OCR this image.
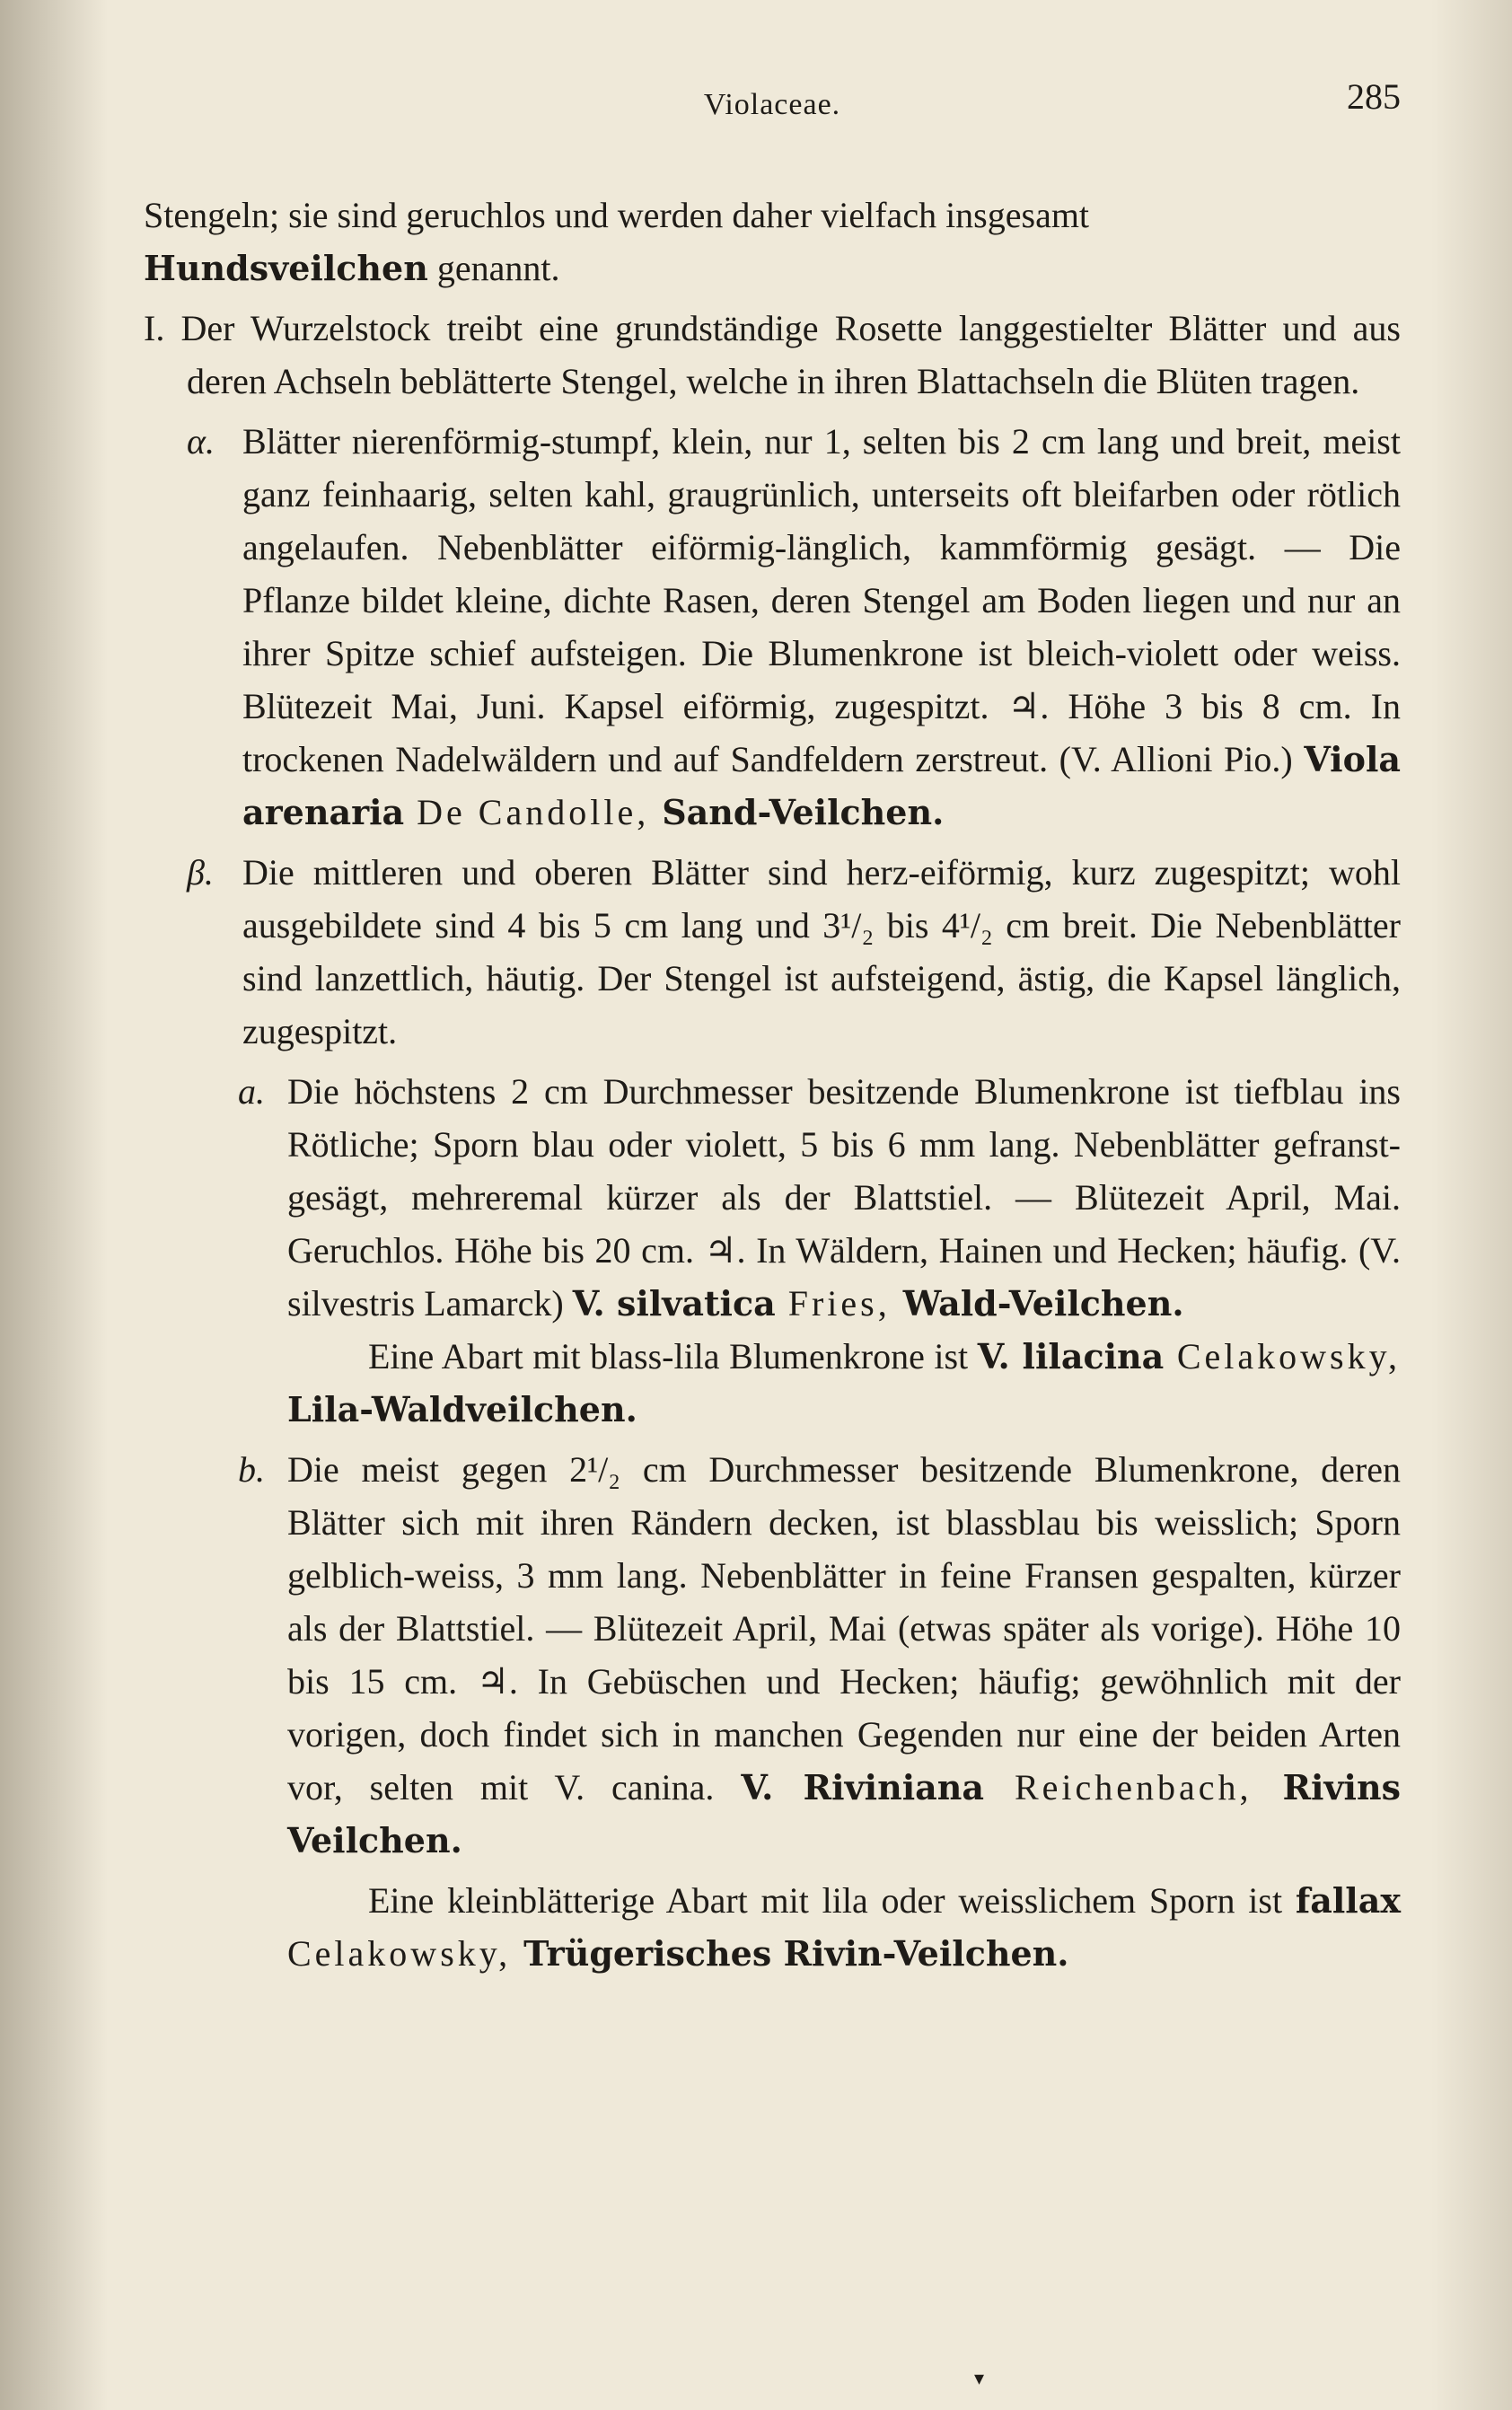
Violaceae.	285
Stengeln; sie sind geruchlos und werden daher vielfach insgesamt
Hundsveilchen genannt.
I. Der Wurzelstock treibt eine grundständige Rosette langgestielter Blätter und aus deren Achseln beblätterte Stengel, welche in ihren Blattachseln die Blüten tragen.
α. Blätter nierenförmig-stumpf, klein, nur 1, selten bis 2 cm lang und breit, meist ganz feinhaarig, selten kahl, graugrünlich, unterseits oft bleifarben oder rötlich angelaufen. Nebenblätter eiförmig-länglich, kammförmig gesägt. — Die Pflanze bildet kleine, dichte Rasen, deren Stengel am Boden liegen und nur an ihrer Spitze schief aufsteigen. Die Blumenkrone ist bleich-violett oder weiss. Blütezeit Mai, Juni. Kapsel eiförmig, zugespitzt. ♃. Höhe 3 bis 8 cm. In trockenen Nadelwäldern und auf Sandfeldern zerstreut. (V. Allioni Pio.) Viola arenaria De Candolle, Sand-Veilchen.
β. Die mittleren und oberen Blätter sind herz-eiförmig, kurz zugespitzt; wohl ausgebildete sind 4 bis 5 cm lang und 3¹/₂ bis 4¹/₂ cm breit. Die Nebenblätter sind lanzettlich, häutig. Der Stengel ist aufsteigend, ästig, die Kapsel länglich, zugespitzt.
a. Die höchstens 2 cm Durchmesser besitzende Blumenkrone ist tiefblau ins Rötliche; Sporn blau oder violett, 5 bis 6 mm lang. Nebenblätter gefranst-gesägt, mehreremal kürzer als der Blattstiel. — Blütezeit April, Mai. Geruchlos. Höhe bis 20 cm. ♃. In Wäldern, Hainen und Hecken; häufig. (V. silvestris Lamarck) V. silvatica Fries, Wald-Veilchen.
Eine Abart mit blass-lila Blumenkrone ist V. lilacina Celakowsky, Lila-Waldveilchen.
b. Die meist gegen 2¹/₂ cm Durchmesser besitzende Blumenkrone, deren Blätter sich mit ihren Rändern decken, ist blassblau bis weisslich; Sporn gelblich-weiss, 3 mm lang. Nebenblätter in feine Fransen gespalten, kürzer als der Blattstiel. — Blütezeit April, Mai (etwas später als vorige). Höhe 10 bis 15 cm. ♃. In Gebüschen und Hecken; häufig; gewöhnlich mit der vorigen, doch findet sich in manchen Gegenden nur eine der beiden Arten vor, selten mit V. canina. V. Riviniana Reichenbach, Rivins Veilchen.
Eine kleinblätterige Abart mit lila oder weisslichem Sporn ist fallax Celakowsky, Trügerisches Rivin-Veilchen.
▾
